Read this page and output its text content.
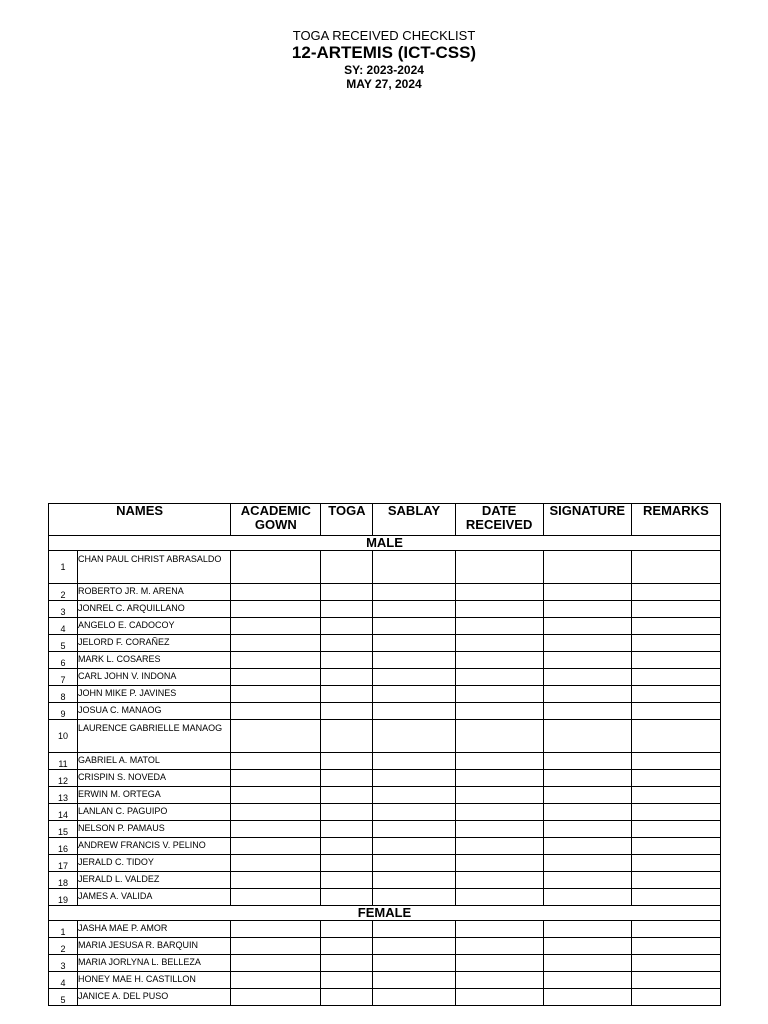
TOGA RECEIVED CHECKLIST
12-ARTEMIS (ICT-CSS)
SY: 2023-2024
MAY 27, 2024
NAMES		ACADEMIC GOWN	TOGA	SABLAY	DATE RECEIVED	SIGNATURE	REMARKS
MALE							
1	CHAN PAUL CHRIST ABRASALDO						
2	ROBERTO JR. M. ARENA						
3	JONREL C. ARQUILLANO						
4	ANGELO E. CADOCOY						
5	JELORD F. CORAÑEZ						
6	MARK L. COSARES						
7	CARL JOHN V. INDONA						
8	JOHN MIKE P. JAVINES						
9	JOSUA C. MANAOG						
10	LAURENCE GABRIELLE MANAOG						
11	GABRIEL A. MATOL						
12	CRISPIN S. NOVEDA						
13	ERWIN M. ORTEGA						
14	LANLAN C. PAGUIPO						
15	NELSON P. PAMAUS						
16	ANDREW FRANCIS V. PELINO						
17	JERALD C. TIDOY						
18	JERALD L. VALDEZ						
19	JAMES A. VALIDA						
FEMALE							
1	JASHA MAE P. AMOR						
2	MARIA JESUSA R. BARQUIN						
3	MARIA JORLYNA L. BELLEZA						
4	HONEY MAE H. CASTILLON						
5	JANICE A. DEL PUSO						
